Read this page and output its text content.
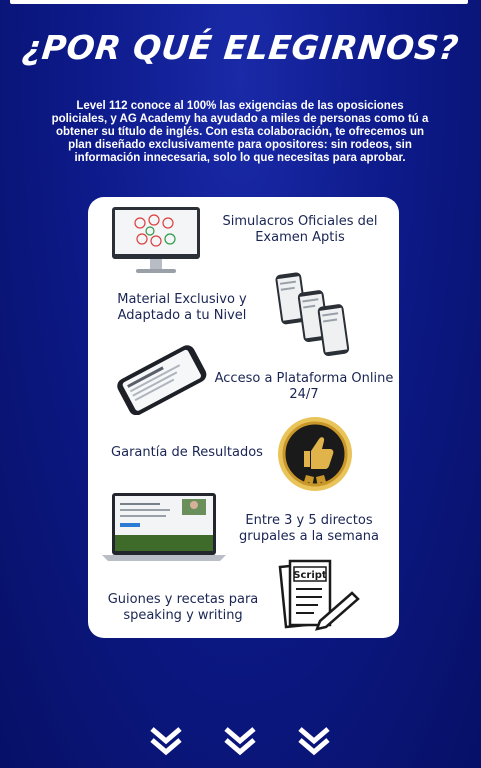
¿POR QUÉ ELEGIRNOS?
Level 112 conoce al 100% las exigencias de las oposiciones policiales, y AG Academy ha ayudado a miles de personas como tú a obtener su título de inglés. Con esta colaboración, te ofrecemos un plan diseñado exclusivamente para opositores: sin rodeos, sin información innecesaria, solo lo que necesitas para aprobar.
Simulacros Oficiales del Examen Aptis
Material Exclusivo y Adaptado a tu Nivel
Acceso a Plataforma Online 24/7
Garantía de Resultados
Entre 3 y 5 directos grupales a la semana
Guiones y recetas para speaking y writing
Script
